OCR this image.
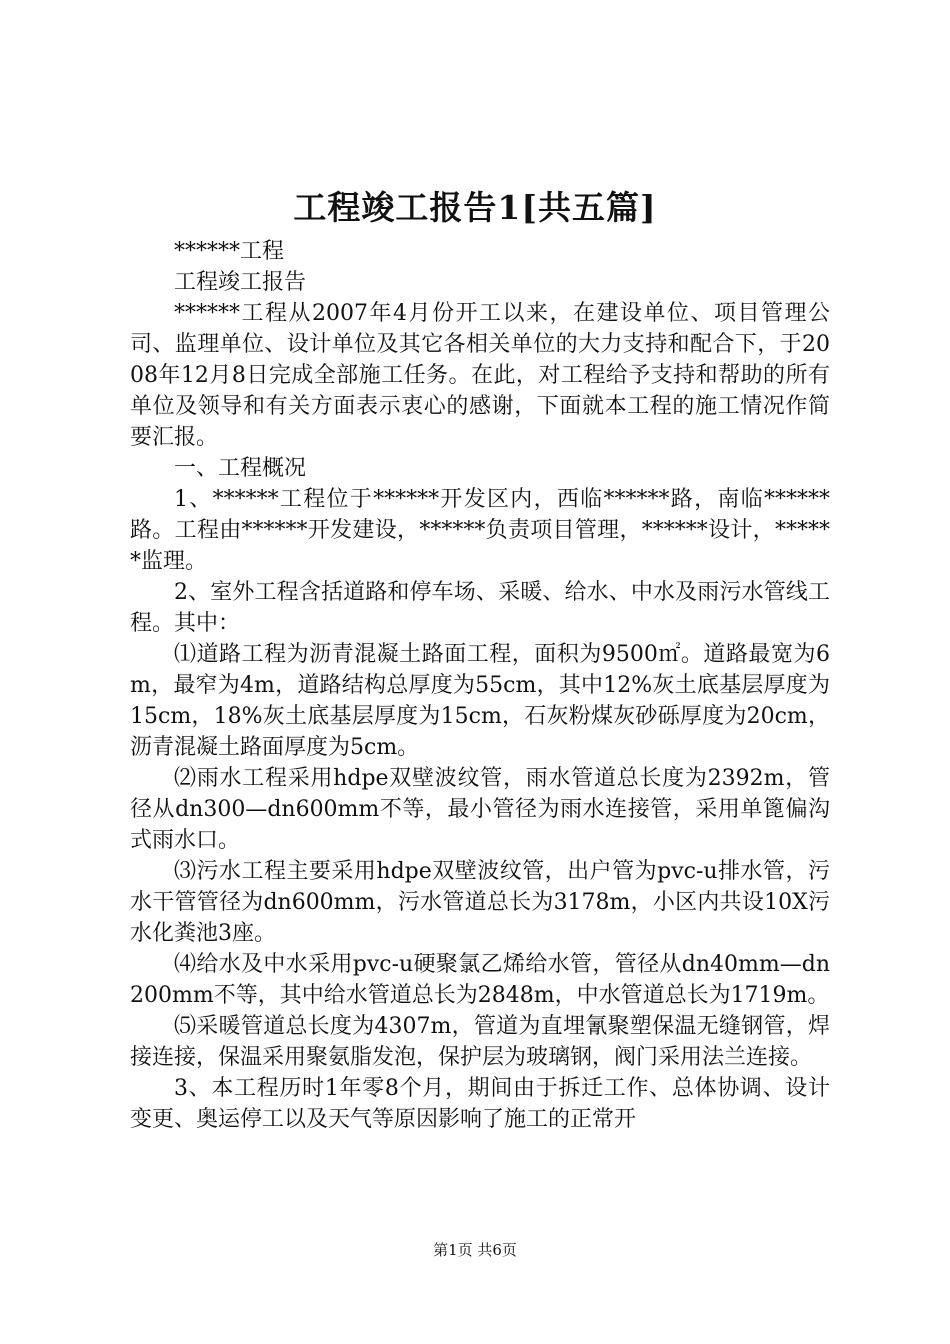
工程竣工报告1[共五篇]

******工程

工程竣工报告

******工程从2007年4月份开工以来，在建设单位、项目管理公司、监理单位、设计单位及其它各相关单位的大力支持和配合下，于2008年12月8日完成全部施工任务。在此，对工程给予支持和帮助的所有单位及领导和有关方面表示衷心的感谢，下面就本工程的施工情况作简要汇报。

一、工程概况

1、******工程位于******开发区内，西临******路，南临******路。工程由******开发建设，******负责项目管理，******设计，******监理。

2、室外工程含括道路和停车场、采暖、给水、中水及雨污水管线工程。其中：

⑴道路工程为沥青混凝土路面工程，面积为9500㎡。道路最宽为6m，最窄为4m，道路结构总厚度为55cm，其中12%灰土底基层厚度为15cm，18%灰土底基层厚度为15cm，石灰粉煤灰砂砾厚度为20cm，沥青混凝土路面厚度为5cm。

⑵雨水工程采用hdpe双壁波纹管，雨水管道总长度为2392m，管径从dn300—dn600mm不等，最小管径为雨水连接管，采用单篦偏沟式雨水口。

⑶污水工程主要采用hdpe双壁波纹管，出户管为pvc-u排水管，污水干管管径为dn600mm，污水管道总长为3178m，小区内共设10X污水化粪池3座。

⑷给水及中水采用pvc-u硬聚氯乙烯给水管，管径从dn40mm—dn200mm不等，其中给水管道总长为2848m，中水管道总长为1719m。

⑸采暖管道总长度为4307m，管道为直埋氰聚塑保温无缝钢管，焊接连接，保温采用聚氨脂发泡，保护层为玻璃钢，阀门采用法兰连接。

3、本工程历时1年零8个月，期间由于拆迁工作、总体协调、设计变更、奥运停工以及天气等原因影响了施工的正常开

第1页 共6页
